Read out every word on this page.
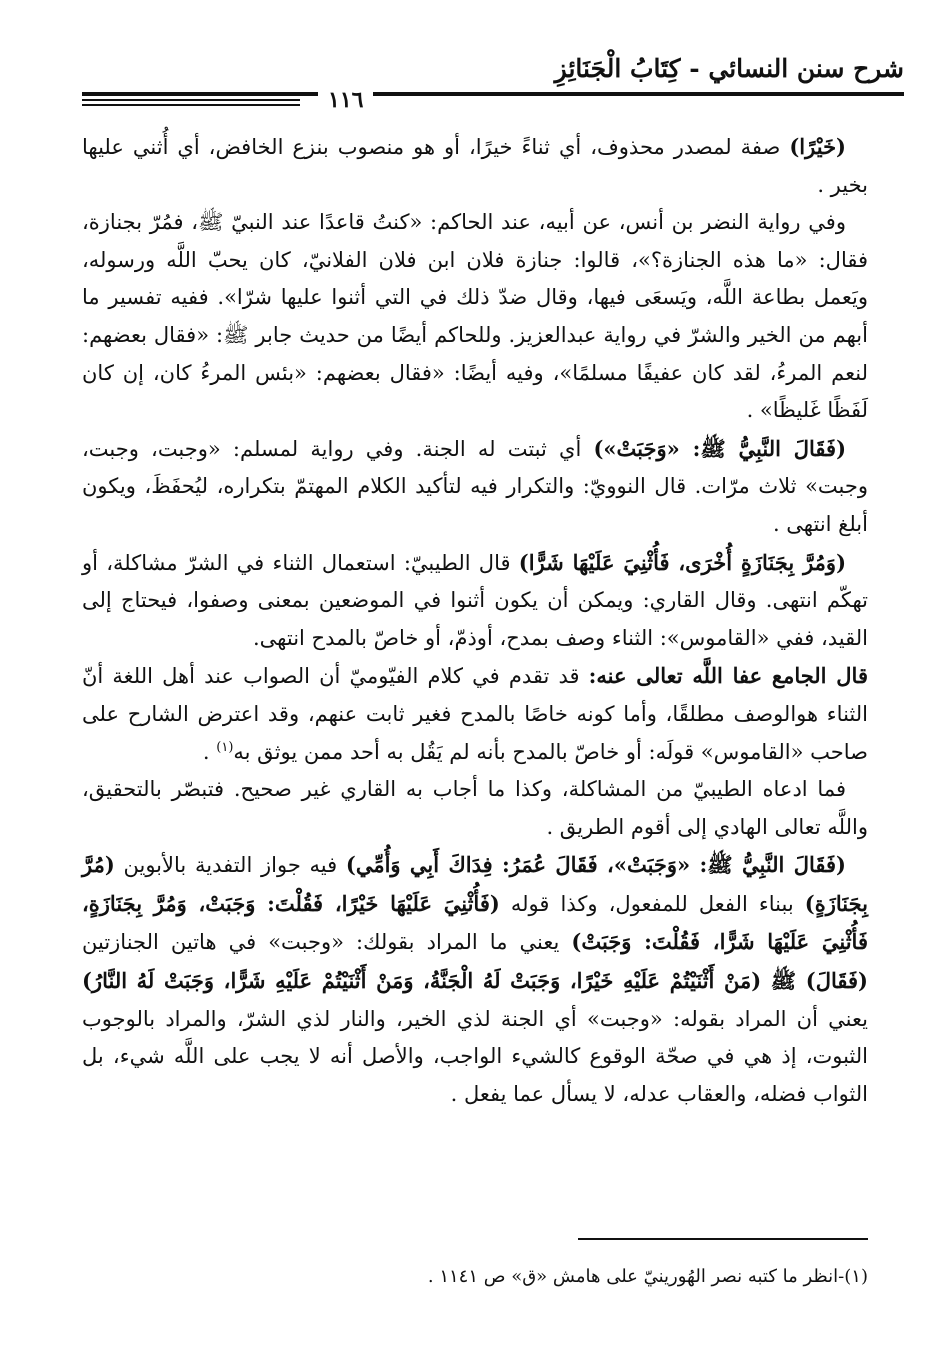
شرح سنن النسائي - كِتَابُ الْجَنَائِزِ
١١٦

(خَيْرًا) صفة لمصدر محذوف، أي ثناءً خيرًا، أو هو منصوب بنزع الخافض، أي أُثني عليها بخير .

وفي رواية النضر بن أنس، عن أبيه، عند الحاكم: «كنتُ قاعدًا عند النبيّ ﷺ، فمُرّ بجنازة، فقال: «ما هذه الجنازة؟»، قالوا: جنازة فلان ابن فلان الفلانيّ، كان يحبّ اللَّه ورسوله، ويَعمل بطاعة اللَّه، ويَسعَى فيها، وقال ضدّ ذلك في التي أثنوا عليها شرّا». ففيه تفسير ما أبهم من الخير والشرّ في رواية عبدالعزيز. وللحاكم أيضًا من حديث جابر ﷺ: «فقال بعضهم: لنعم المرءُ، لقد كان عفيفًا مسلمًا»، وفيه أيضًا: «فقال بعضهم: «بئس المرءُ كان، إن كان لَفَظًا غَليظًا» .

(فَقَالَ النَّبِيُّ ﷺ: «وَجَبَتْ») أي ثبتت له الجنة. وفي رواية لمسلم: «وجبت، وجبت، وجبت» ثلاث مرّات. قال النوويّ: والتكرار فيه لتأكيد الكلام المهتمّ بتكراره، ليُحفَظَ، ويكون أبلغ انتهى .

(وَمُرَّ بِجَنَازَةٍ أُخْرَى، فَأُثْنِيَ عَلَيْهَا شَرًّا) قال الطيبيّ: استعمال الثناء في الشرّ مشاكلة، أو تهكّم انتهى. وقال القاري: ويمكن أن يكون أثنوا في الموضعين بمعنى وصفوا، فيحتاج إلى القيد، ففي «القاموس»: الثناء وصف بمدح، أوذمّ، أو خاصّ بالمدح انتهى.

قال الجامع عفا اللَّه تعالى عنه: قد تقدم في كلام الفيّوميّ أن الصواب عند أهل اللغة أنّ الثناء هوالوصف مطلقًا، وأما كونه خاصًا بالمدح فغير ثابت عنهم، وقد اعترض الشارح على صاحب «القاموس» قولَه: أو خاصّ بالمدح بأنه لم يَقُل به أحد ممن يوثق به$^{(١)}$ .

فما ادعاه الطيبيّ من المشاكلة، وكذا ما أجاب به القاري غير صحيح. فتبصّر بالتحقيق، واللَّه تعالى الهادي إلى أقوم الطريق .

(فَقَالَ النَّبِيُّ ﷺ: «وَجَبَتْ»، فَقَالَ عُمَرُ: فِدَاكَ أَبِي وَأُمِّي) فيه جواز التفدية بالأبوين (مُرَّ بِجَنَازَةٍ) ببناء الفعل للمفعول، وكذا قوله (فَأُثْنِيَ عَلَيْهَا خَيْرًا، فَقُلْتَ: وَجَبَتْ، وَمُرَّ بِجَنَازَةٍ، فَأُثْنِيَ عَلَيْهَا شَرًّا، فَقُلْتَ: وَجَبَتْ) يعني ما المراد بقولك: «وجبت» في هاتين الجنازتين (فَقَالَ) ﷺ (مَنْ أَثْنَيْتُمْ عَلَيْهِ خَيْرًا، وَجَبَتْ لَهُ الْجَنَّةُ، وَمَنْ أَثْنَيْتُمْ عَلَيْهِ شَرًّا، وَجَبَتْ لَهُ النَّارُ) يعني أن المراد بقوله: «وجبت» أي الجنة لذي الخير، والنار لذي الشرّ، والمراد بالوجوب الثبوت، إذ هي في صحّة الوقوع كالشيء الواجب، والأصل أنه لا يجب على اللَّه شيء، بل الثواب فضله، والعقاب عدله، لا يسأل عما يفعل .

(١)-انظر ما كتبه نصر الهُورينيّ على هامش «ق» ص ١١٤١ .
